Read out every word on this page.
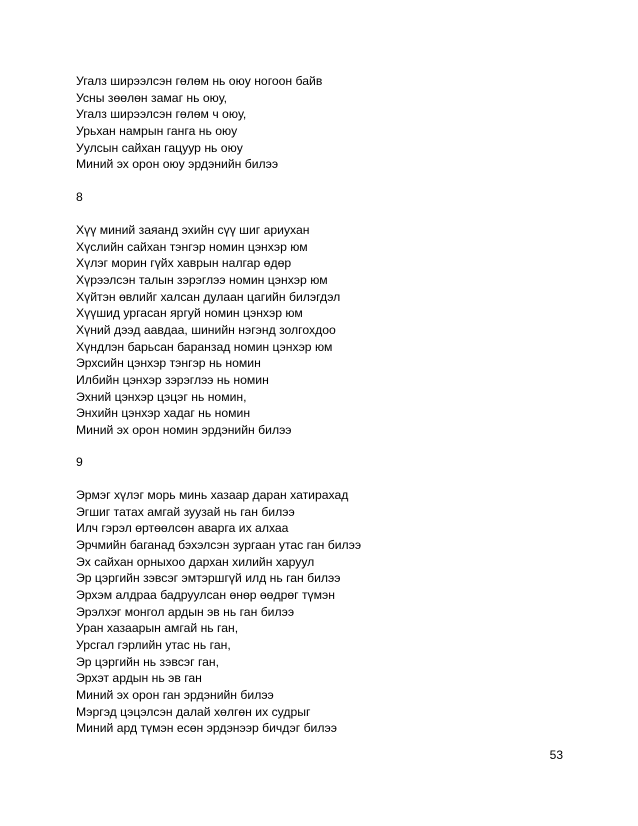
Угалз ширээлсэн гөлөм нь оюу ногоон байв
Усны зөөлөн замаг нь оюу,
Угалз ширээлсэн гөлөм ч оюу,
Урьхан намрын ганга нь оюу
Уулсын сайхан гацуур нь оюу
Миний эх орон оюу эрдэнийн билээ
8
Хүү миний заяанд эхийн сүү шиг ариухан
Хүслийн сайхан тэнгэр номин цэнхэр юм
Хүлэг морин гүйх хаврын налгар өдөр
Хүрээлсэн талын зэрэглээ номин цэнхэр юм
Хүйтэн өвлийг халсан дулаан цагийн билэгдэл
Хүүшид ургасан яргуй номин цэнхэр юм
Хүний дээд аавдаа, шинийн нэгэнд золгохдоо
Хүндлэн барьсан баранзад номин цэнхэр юм
Эрхсийн цэнхэр тэнгэр нь номин
Илбийн цэнхэр зэрэглээ нь номин
Эхний цэнхэр цэцэг нь номин,
Энхийн цэнхэр хадаг нь номин
Миний эх орон номин эрдэнийн билээ
9
Эрмэг хүлэг морь минь хазаар даран хатирахад
Эгшиг татах амгай зуузай нь ган билээ
Илч гэрэл өртөөлсөн аварга их алхаа
Эрчмийн баганад бэхэлсэн зургаан утас ган билээ
Эх сайхан орныхоо дархан хилийн харуул
Эр цэргийн зэвсэг эмтэршгүй илд нь ган билээ
Эрхэм алдраа бадруулсан өнөр өөдрөг түмэн
Эрэлхэг монгол ардын эв нь ган билээ
Уран хазаарын амгай нь ган,
Урсгал гэрлийн утас нь ган,
Эр цэргийн нь зэвсэг ган,
Эрхэт ардын нь эв ган
Миний эх орон ган эрдэнийн билээ
Мэргэд цэцэлсэн далай хөлгөн их судрыг
Миний ард түмэн есөн эрдэнээр бичдэг билээ
53
